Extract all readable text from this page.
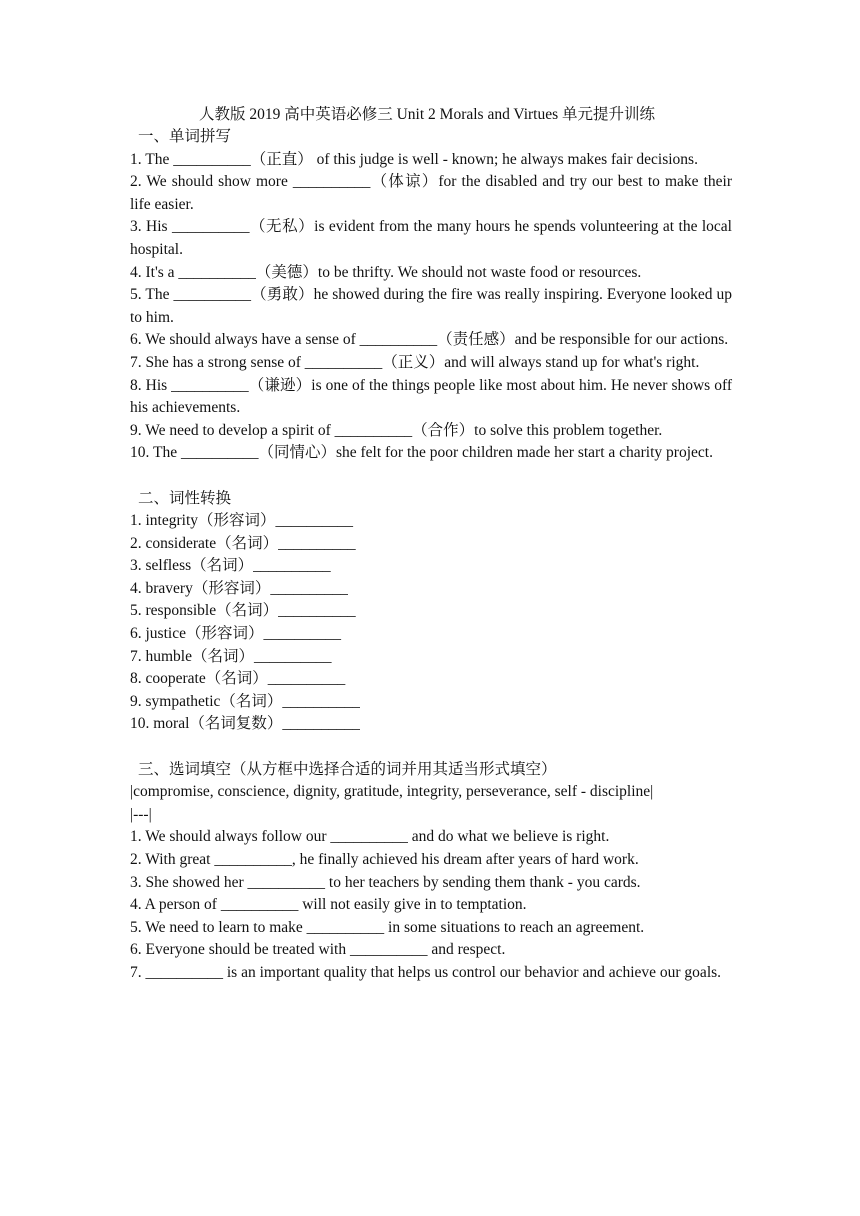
人教版 2019 高中英语必修三 Unit 2 Morals and Virtues 单元提升训练
一、单词拼写
1. The __________（正直） of this judge is well - known; he always makes fair decisions.
2. We should show more __________（体谅）for the disabled and try our best to make their life easier.
3. His __________（无私）is evident from the many hours he spends volunteering at the local hospital.
4. It's a __________（美德）to be thrifty. We should not waste food or resources.
5. The __________（勇敢）he showed during the fire was really inspiring. Everyone looked up to him.
6. We should always have a sense of __________（责任感）and be responsible for our actions.
7. She has a strong sense of __________（正义）and will always stand up for what's right.
8. His __________（谦逊）is one of the things people like most about him. He never shows off his achievements.
9. We need to develop a spirit of __________（合作）to solve this problem together.
10. The __________（同情心）she felt for the poor children made her start a charity project.
二、词性转换
1. integrity（形容词）__________
2. considerate（名词）__________
3. selfless（名词）__________
4. bravery（形容词）__________
5. responsible（名词）__________
6. justice（形容词）__________
7. humble（名词）__________
8. cooperate（名词）__________
9. sympathetic（名词）__________
10. moral（名词复数）__________
三、选词填空（从方框中选择合适的词并用其适当形式填空）
|compromise, conscience, dignity, gratitude, integrity, perseverance, self - discipline|
|---|
1. We should always follow our __________ and do what we believe is right.
2. With great __________, he finally achieved his dream after years of hard work.
3. She showed her __________ to her teachers by sending them thank - you cards.
4. A person of __________ will not easily give in to temptation.
5. We need to learn to make __________ in some situations to reach an agreement.
6. Everyone should be treated with __________ and respect.
7. __________ is an important quality that helps us control our behavior and achieve our goals.
